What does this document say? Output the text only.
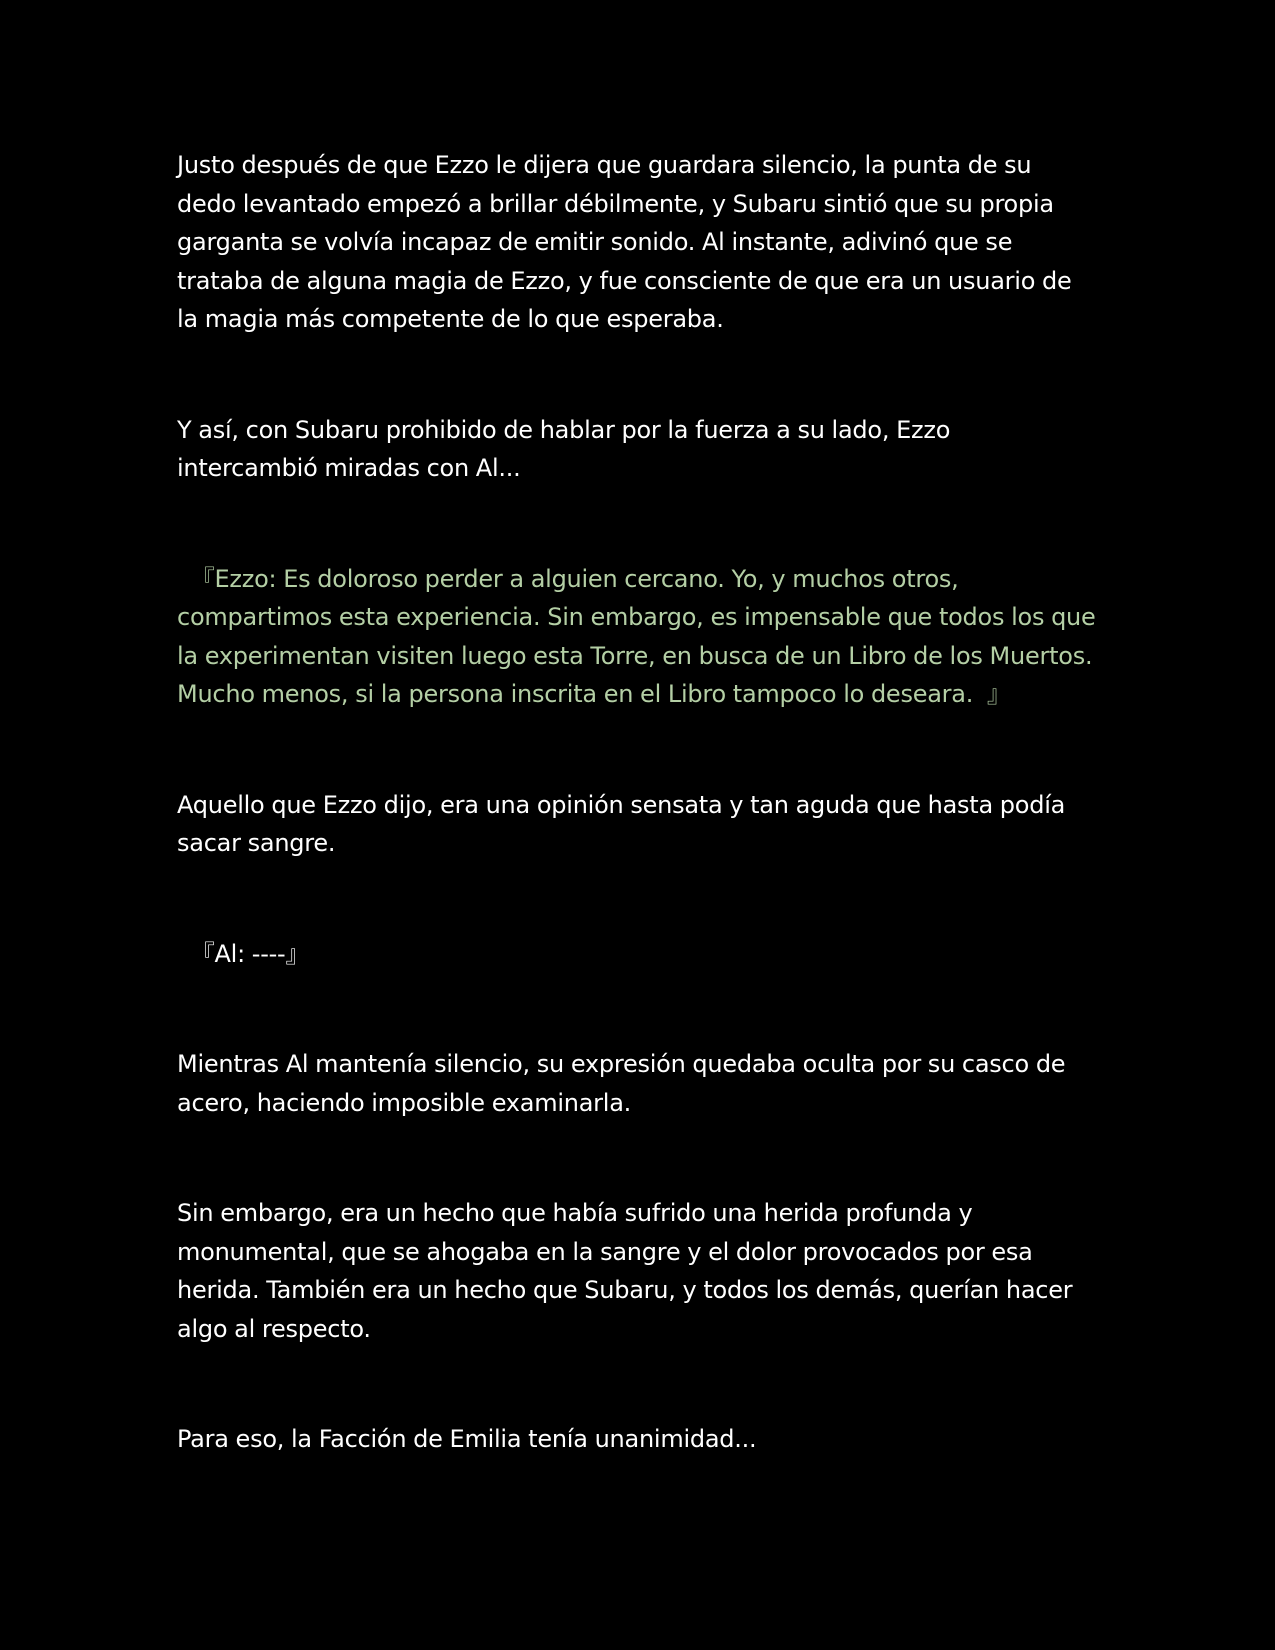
Justo después de que Ezzo le dijera que guardara silencio, la punta de su dedo levantado empezó a brillar débilmente, y Subaru sintió que su propia garganta se volvía incapaz de emitir sonido. Al instante, adivinó que se trataba de alguna magia de Ezzo, y fue consciente de que era un usuario de la magia más competente de lo que esperaba.

Y así, con Subaru prohibido de hablar por la fuerza a su lado, Ezzo intercambió miradas con Al...

『Ezzo: Es doloroso perder a alguien cercano. Yo, y muchos otros, compartimos esta experiencia. Sin embargo, es impensable que todos los que la experimentan visiten luego esta Torre, en busca de un Libro de los Muertos. Mucho menos, si la persona inscrita en el Libro tampoco lo deseara.  』

Aquello que Ezzo dijo, era una opinión sensata y tan aguda que hasta podía sacar sangre.

『Al: ----』

Mientras Al mantenía silencio, su expresión quedaba oculta por su casco de acero, haciendo imposible examinarla.

Sin embargo, era un hecho que había sufrido una herida profunda y monumental, que se ahogaba en la sangre y el dolor provocados por esa herida. También era un hecho que Subaru, y todos los demás, querían hacer algo al respecto.

Para eso, la Facción de Emilia tenía unanimidad...
